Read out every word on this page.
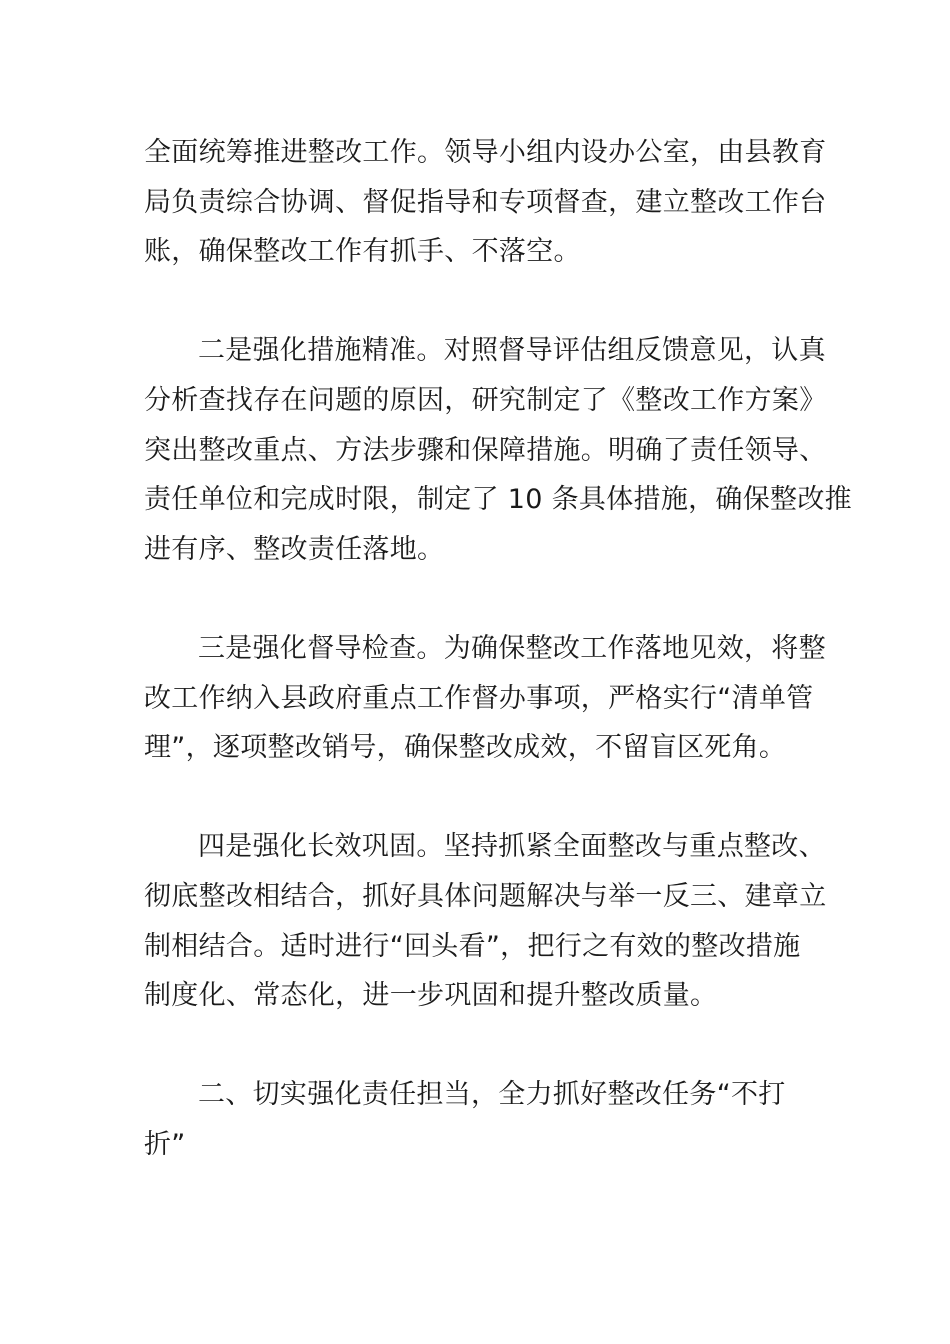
全面统筹推进整改工作。领导小组内设办公室，由县教育
局负责综合协调、督促指导和专项督查，建立整改工作台
账，确保整改工作有抓手、不落空。
二是强化措施精准。对照督导评估组反馈意见，认真
分析查找存在问题的原因，研究制定了《整改工作方案》
突出整改重点、方法步骤和保障措施。明确了责任领导、
责任单位和完成时限，制定了 10 条具体措施，确保整改推
进有序、整改责任落地。
三是强化督导检查。为确保整改工作落地见效，将整
改工作纳入县政府重点工作督办事项，严格实行“清单管
理”，逐项整改销号，确保整改成效，不留盲区死角。
四是强化长效巩固。坚持抓紧全面整改与重点整改、
彻底整改相结合，抓好具体问题解决与举一反三、建章立
制相结合。适时进行“回头看”，把行之有效的整改措施
制度化、常态化，进一步巩固和提升整改质量。
二、切实强化责任担当，全力抓好整改任务“不打
折”
